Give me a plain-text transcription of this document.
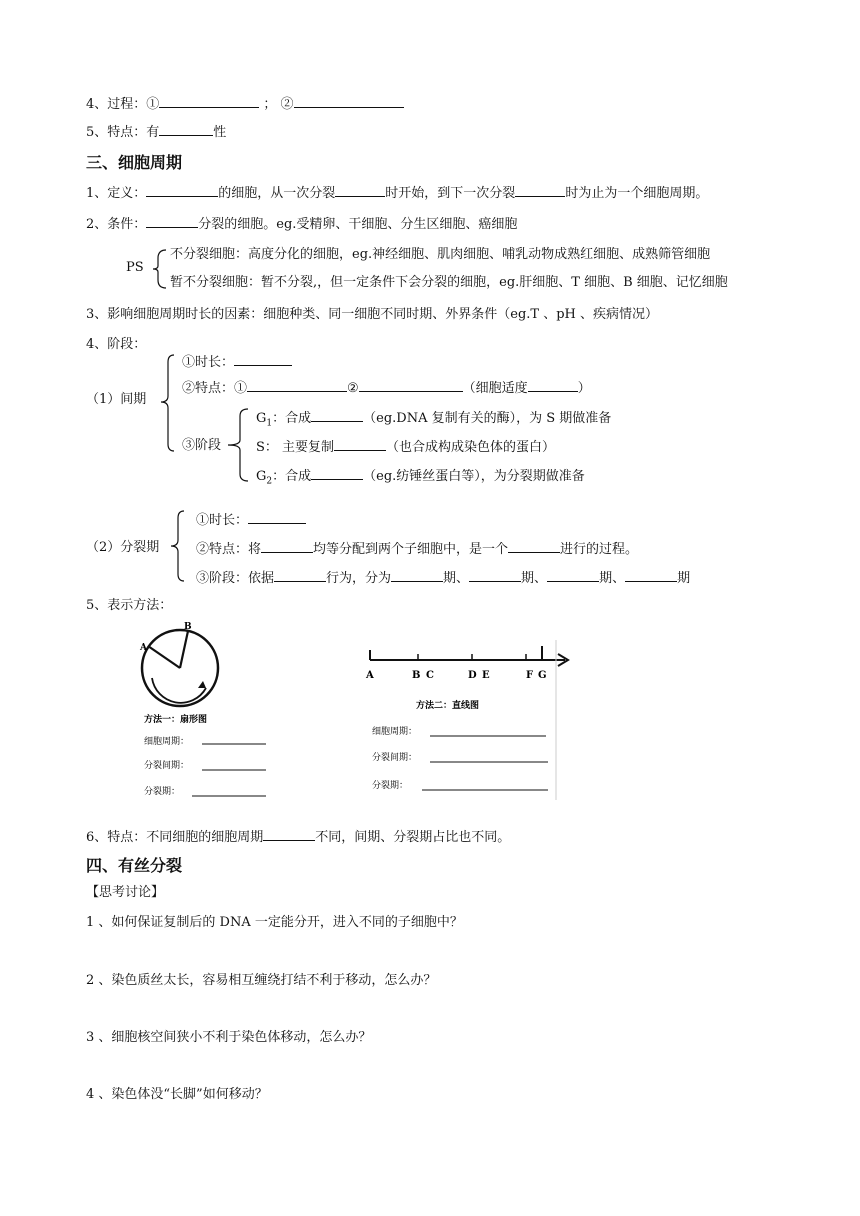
4、过程：①	； ②
5、特点：有	性
三、细胞周期
1、定义：	的细胞，从一次分裂	时开始，到下一次分裂	时为止为一个细胞周期。
2、条件：	分裂的细胞。eg.受精卵、干细胞、分生区细胞、癌细胞
PS
不分裂细胞：高度分化的细胞，eg.神经细胞、肌肉细胞、哺乳动物成熟红细胞、成熟筛管细胞
暂不分裂细胞：暂不分裂,，但一定条件下会分裂的细胞，eg.肝细胞、T 细胞、B 细胞、记忆细胞
3、影响细胞周期时长的因素：细胞种类、同一细胞不同时期、外界条件（eg.T 、pH 、疾病情况）
4、阶段：
（1）间期
①时长：
②特点：①	②	（细胞适度	）
③阶段
$G_1$：合成	（eg.DNA 复制有关的酶），为 S 期做准备
S： 主要复制	（也合成构成染色体的蛋白）
$G_2$：合成	（eg.纺锤丝蛋白等），为分裂期做准备
（2）分裂期
①时长：
②特点：将	均等分配到两个子细胞中，是一个	进行的过程。
③阶段：依据	行为，分为	期、	期、	期、	期
5、表示方法：
A
B
方法一：扇形图
细胞周期：
分裂间期：
分裂期：
A	B C	D E	F G
方法二：直线图
细胞周期：
分裂间期：
分裂期：
6、特点：不同细胞的细胞周期	不同，间期、分裂期占比也不同。
四、有丝分裂
【思考讨论】
1 、如何保证复制后的 DNA 一定能分开，进入不同的子细胞中？
2 、染色质丝太长，容易相互缠绕打结不利于移动，怎么办？
3 、细胞核空间狭小不利于染色体移动，怎么办？
4 、染色体没“长脚”如何移动？
